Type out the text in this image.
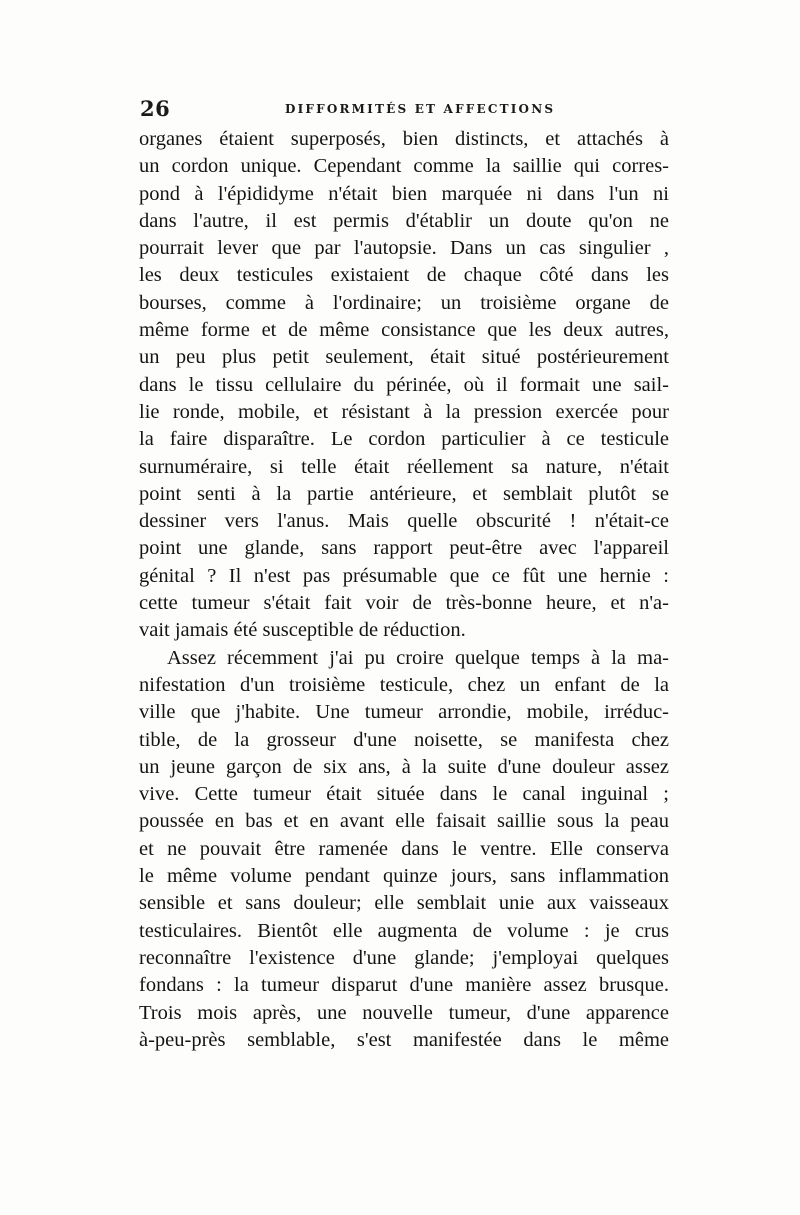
26	DIFFORMITÉS ET AFFECTIONS
organes étaient superposés, bien distincts, et attachés à
un cordon unique. Cependant comme la saillie qui corres-
pond à l'épididyme n'était bien marquée ni dans l'un ni
dans l'autre, il est permis d'établir un doute qu'on ne
pourrait lever que par l'autopsie. Dans un cas singulier ,
les deux testicules existaient de chaque côté dans les
bourses, comme à l'ordinaire; un troisième organe de
même forme et de même consistance que les deux autres,
un peu plus petit seulement, était situé postérieurement
dans le tissu cellulaire du périnée, où il formait une sail-
lie ronde, mobile, et résistant à la pression exercée pour
la faire disparaître. Le cordon particulier à ce testicule
surnuméraire, si telle était réellement sa nature, n'était
point senti à la partie antérieure, et semblait plutôt se
dessiner vers l'anus. Mais quelle obscurité ! n'était-ce
point une glande, sans rapport peut-être avec l'appareil
génital ? Il n'est pas présumable que ce fût une hernie :
cette tumeur s'était fait voir de très-bonne heure, et n'a-
vait jamais été susceptible de réduction.
Assez récemment j'ai pu croire quelque temps à la ma-
nifestation d'un troisième testicule, chez un enfant de la
ville que j'habite. Une tumeur arrondie, mobile, irréduc-
tible, de la grosseur d'une noisette, se manifesta chez
un jeune garçon de six ans, à la suite d'une douleur assez
vive. Cette tumeur était située dans le canal inguinal ;
poussée en bas et en avant elle faisait saillie sous la peau
et ne pouvait être ramenée dans le ventre. Elle conserva
le même volume pendant quinze jours, sans inflammation
sensible et sans douleur; elle semblait unie aux vaisseaux
testiculaires. Bientôt elle augmenta de volume : je crus
reconnaître l'existence d'une glande; j'employai quelques
fondans : la tumeur disparut d'une manière assez brusque.
Trois mois après, une nouvelle tumeur, d'une apparence
à-peu-près semblable, s'est manifestée dans le même
